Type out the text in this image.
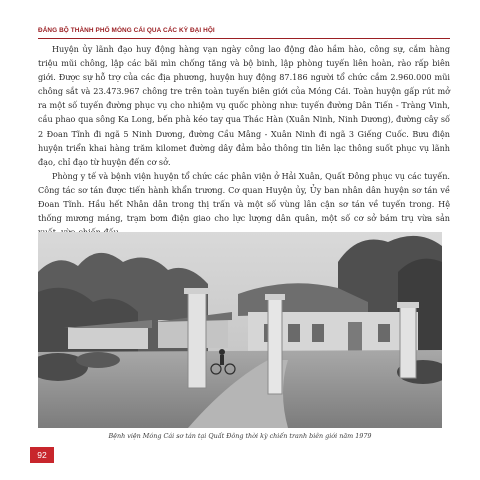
ĐẢNG BỘ THÀNH PHỐ MÓNG CÁI QUA CÁC KỲ ĐẠI HỘI

Huyện ủy lãnh đạo huy động hàng vạn ngày công lao động đào hầm hào, công sự, cắm hàng triệu mũi chông, lập các bãi mìn chống tăng và bộ binh, lập phòng tuyến liên hoàn, rào rấp biên giới. Được sự hỗ trợ của các địa phương, huyện huy động 87.186 người tổ chức cắm 2.960.000 mũi chông sắt và 23.473.967 chông tre trên toàn tuyến biên giới của Móng Cái. Toàn huyện gấp rút mở ra một số tuyến đường phục vụ cho nhiệm vụ quốc phòng như: tuyến đường Dân Tiến - Tràng Vinh, cầu phao qua sông Ka Long, bến phà kéo tay qua Thác Hàn (Xuân Ninh, Ninh Dương), đường cây số 2 Đoan Tĩnh đi ngã 5 Ninh Dương, đường Cầu Mâng - Xuân Ninh đi ngã 3 Giếng Cuốc. Bưu điện huyện triển khai hàng trăm kilomet đường dây đảm bảo thông tin liên lạc thông suốt phục vụ lãnh đạo, chỉ đạo từ huyện đến cơ sở.

Phòng y tế và bệnh viện huyện tổ chức các phân viện ở Hải Xuân, Quất Đông phục vụ các tuyến. Công tác sơ tán được tiến hành khẩn trương. Cơ quan Huyện ủy, Ủy ban nhân dân huyện sơ tán về Đoan Tĩnh. Hầu hết Nhân dân trong thị trấn và một số vùng lân cận sơ tán về tuyến trong. Hệ thống mương máng, trạm bơm điện giao cho lực lượng dân quân, một số cơ sở bám trụ vừa sản

Bệnh viện Móng Cái sơ tán tại Quất Đông thời kỳ chiến tranh biên giới năm 1979
92
